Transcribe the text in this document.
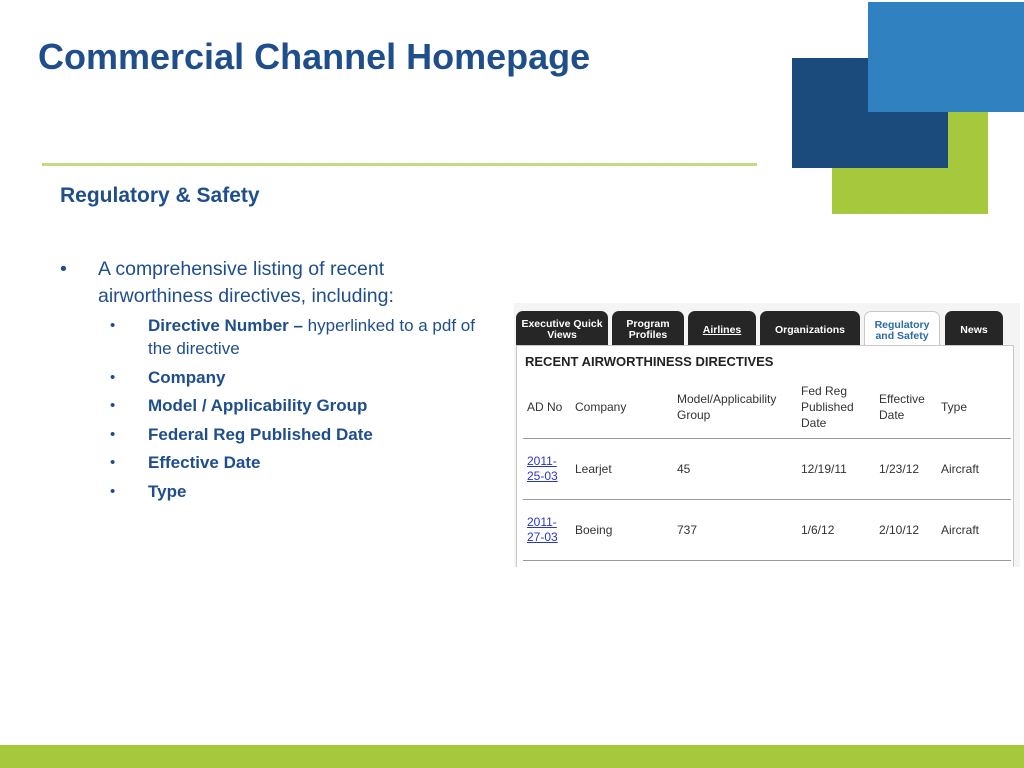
Commercial Channel Homepage
Regulatory & Safety
• A comprehensive listing of recent airworthiness directives, including:
• Directive Number – hyperlinked to a pdf of the directive
• Company
• Model / Applicability Group
• Federal Reg Published Date
• Effective Date
• Type
Executive Quick Views
Program Profiles	Airlines	Organizations	Regulatory and Safety	News
RECENT AIRWORTHINESS DIRECTIVES
AD No	Company	Model/Applicability Group	Fed Reg Published Date	Effective Date	Type
2011-25-03	Learjet	45	12/19/11	1/23/12	Aircraft
2011-27-03	Boeing	737	1/6/12	2/10/12	Aircraft
